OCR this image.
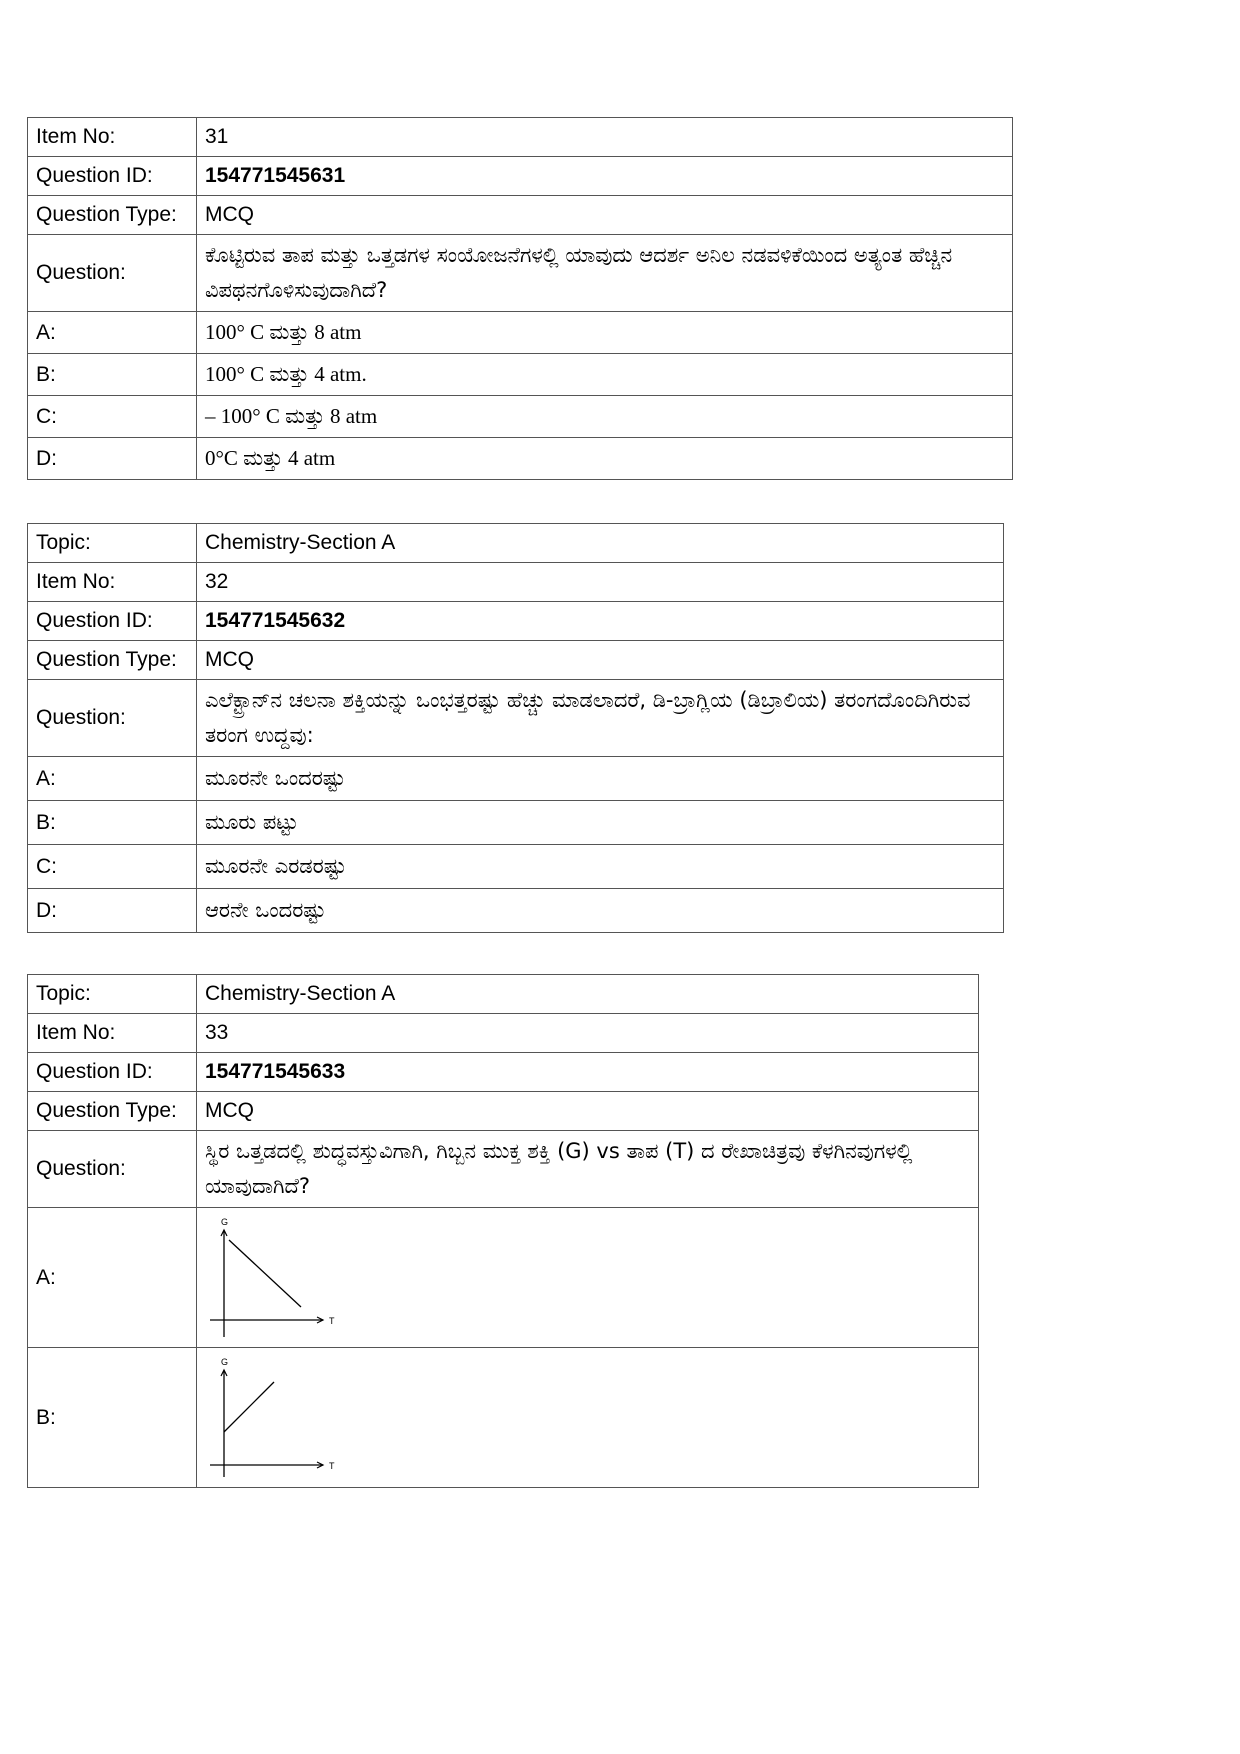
Item No:	31
Question ID:	154771545631
Question Type:	MCQ
Question:	ಕೊಟ್ಟಿರುವ ತಾಪ ಮತ್ತು ಒತ್ತಡಗಳ ಸಂಯೋಜನೆಗಳಲ್ಲಿ ಯಾವುದು ಆದರ್ಶ ಅನಿಲ ನಡವಳಿಕೆಯಿಂದ ಅತ್ಯಂತ ಹೆಚ್ಚಿನ ವಿಪಥನಗೊಳಿಸುವುದಾಗಿದೆ?
A:	100° C ಮತ್ತು 8 atm
B:	100° C ಮತ್ತು 4 atm.
C:	– 100° C ಮತ್ತು 8 atm
D:	0°C ಮತ್ತು 4 atm
Topic:	Chemistry-Section A
Item No:	32
Question ID:	154771545632
Question Type:	MCQ
Question:	ಎಲೆಕ್ಟ್ರಾನ್‌ನ ಚಲನಾ ಶಕ್ತಿಯನ್ನು ಒಂಭತ್ತರಷ್ಟು ಹೆಚ್ಚು ಮಾಡಲಾದರೆ, ಡಿ-ಬ್ರಾಗ್ಲಿಯ (ಡಿಬ್ರಾಲಿಯ) ತರಂಗದೊಂದಿಗಿರುವ ತರಂಗ ಉದ್ದವು:
A:	ಮೂರನೇ ಒಂದರಷ್ಟು
B:	ಮೂರು ಪಟ್ಟು
C:	ಮೂರನೇ ಎರಡರಷ್ಟು
D:	ಆರನೇ ಒಂದರಷ್ಟು
Topic:	Chemistry-Section A
Item No:	33
Question ID:	154771545633
Question Type:	MCQ
Question:	ಸ್ಥಿರ ಒತ್ತಡದಲ್ಲಿ ಶುದ್ಧವಸ್ತುವಿಗಾಗಿ, ಗಿಬ್ಬನ ಮುಕ್ತ ಶಕ್ತಿ (G) vs ತಾಪ (T) ದ ರೇಖಾಚಿತ್ರವು ಕೆಳಗಿನವುಗಳಲ್ಲಿ ಯಾವುದಾಗಿದೆ?
A:	G
T

B:	G
T
